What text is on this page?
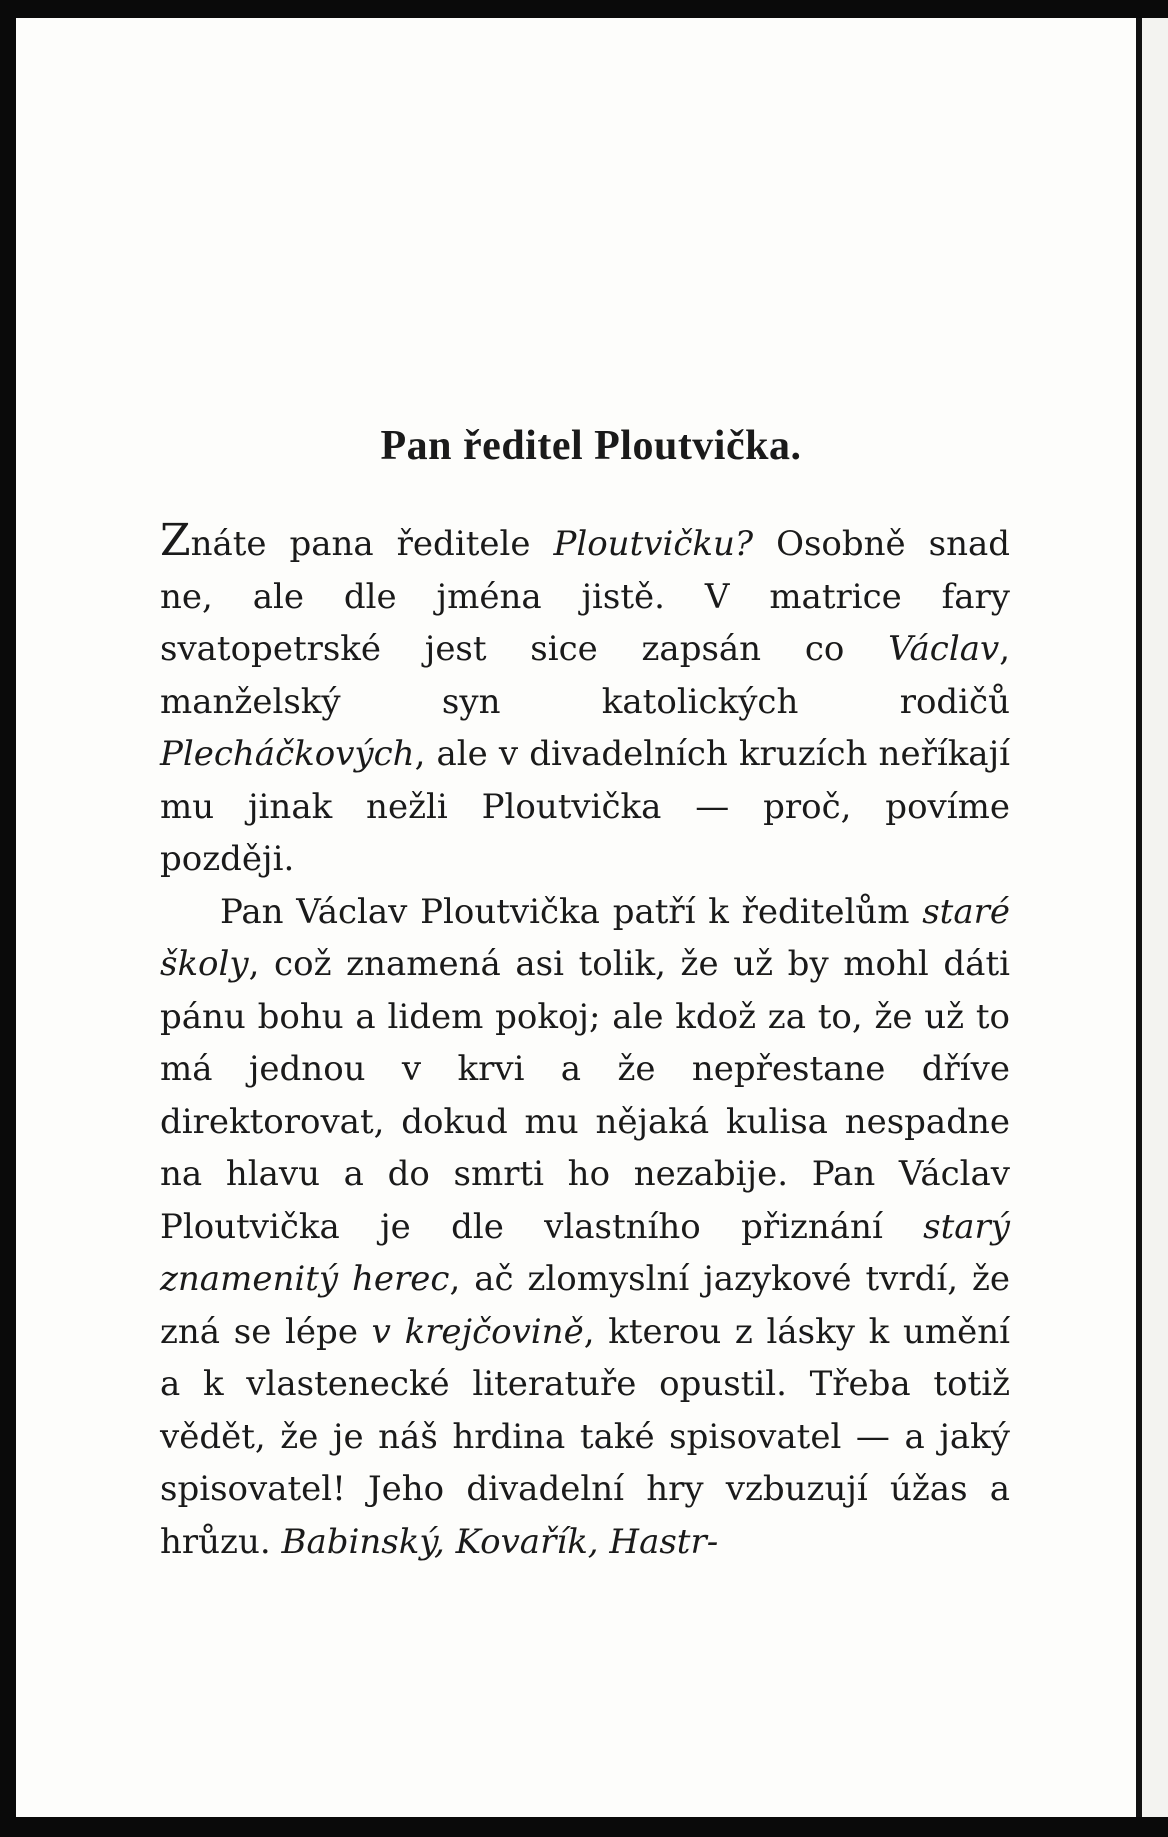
Pan ředitel Ploutvička.

Znáte pana ředitele Ploutvičku? Osobně snad ne, ale dle jména jistě. V matrice fary svatopetrské jest sice zapsán co Václav, manželský syn katolických rodičů Plecháčkových, ale v divadelních kruzích neříkají mu jinak nežli Ploutvička — proč, povíme později.

Pan Václav Ploutvička patří k ředitelům staré školy, což znamená asi tolik, že už by mohl dáti pánu bohu a lidem pokoj; ale kdož za to, že už to má jednou v krvi a že nepřestane dříve direktorovat, dokud mu nějaká kulisa nespadne na hlavu a do smrti ho nezabije. Pan Václav Ploutvička je dle vlastního přiznání starý znamenitý herec, ač zlomyslní jazykové tvrdí, že zná se lépe v krejčovině, kterou z lásky k umění a k vlastenecké literatuře opustil. Třeba totiž vědět, že je náš hrdina také spisovatel — a jaký spisovatel! Jeho divadelní hry vzbuzují úžas a hrůzu. Babinský, Kovařík, Hastr-
